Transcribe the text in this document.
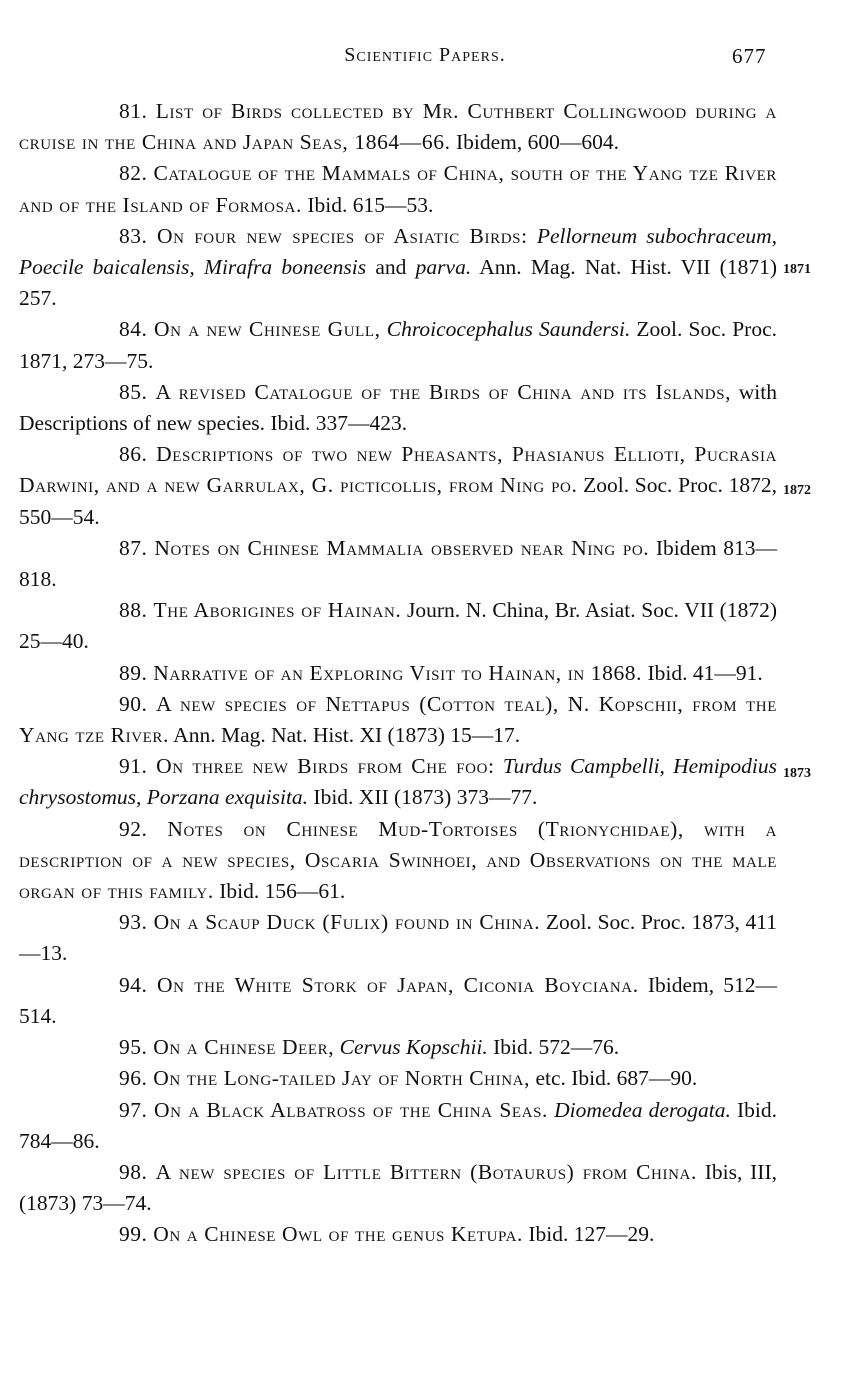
Scientific Papers.	677
1871
1872
1873

81. List of Birds collected by Mr. Cuthbert Collingwood during a cruise in the China and Japan Seas, 1864—66. Ibidem, 600—604.

82. Catalogue of the Mammals of China, south of the Yang tze River and of the Island of Formosa. Ibid. 615—53.

83. On four new species of Asiatic Birds: Pellorneum subochraceum, Poecile baicalensis, Mirafra boneensis and parva. Ann. Mag. Nat. Hist. VII (1871) 257.

84. On a new Chinese Gull, Chroicocephalus Saundersi. Zool. Soc. Proc. 1871, 273—75.

85. A revised Catalogue of the Birds of China and its Islands, with Descriptions of new species. Ibid. 337—423.

86. Descriptions of two new Pheasants, Phasianus Ellioti, Pucrasia Darwini, and a new Garrulax, G. picticollis, from Ning po. Zool. Soc. Proc. 1872, 550—54.

87. Notes on Chinese Mammalia observed near Ning po. Ibidem 813—818.

88. The Aborigines of Hainan. Journ. N. China, Br. Asiat. Soc. VII (1872) 25—40.

89. Narrative of an Exploring Visit to Hainan, in 1868. Ibid. 41—91.

90. A new species of Nettapus (Cotton teal), N. Kopschii, from the Yang tze River. Ann. Mag. Nat. Hist. XI (1873) 15—17.

91. On three new Birds from Che foo: Turdus Campbelli, Hemipodius chrysostomus, Porzana exquisita. Ibid. XII (1873) 373—77.

92. Notes on Chinese Mud-Tortoises (Trionychidae), with a description of a new species, Oscaria Swinhoei, and Observations on the male organ of this family. Ibid. 156—61.

93. On a Scaup Duck (Fulix) found in China. Zool. Soc. Proc. 1873, 411—13.

94. On the White Stork of Japan, Ciconia Boyciana. Ibidem, 512—514.

95. On a Chinese Deer, Cervus Kopschii. Ibid. 572—76.

96. On the Long-tailed Jay of North China, etc. Ibid. 687—90.

97. On a Black Albatross of the China Seas. Diomedea derogata. Ibid. 784—86.

98. A new species of Little Bittern (Botaurus) from China. Ibis, III, (1873) 73—74.

99. On a Chinese Owl of the genus Ketupa. Ibid. 127—29.
